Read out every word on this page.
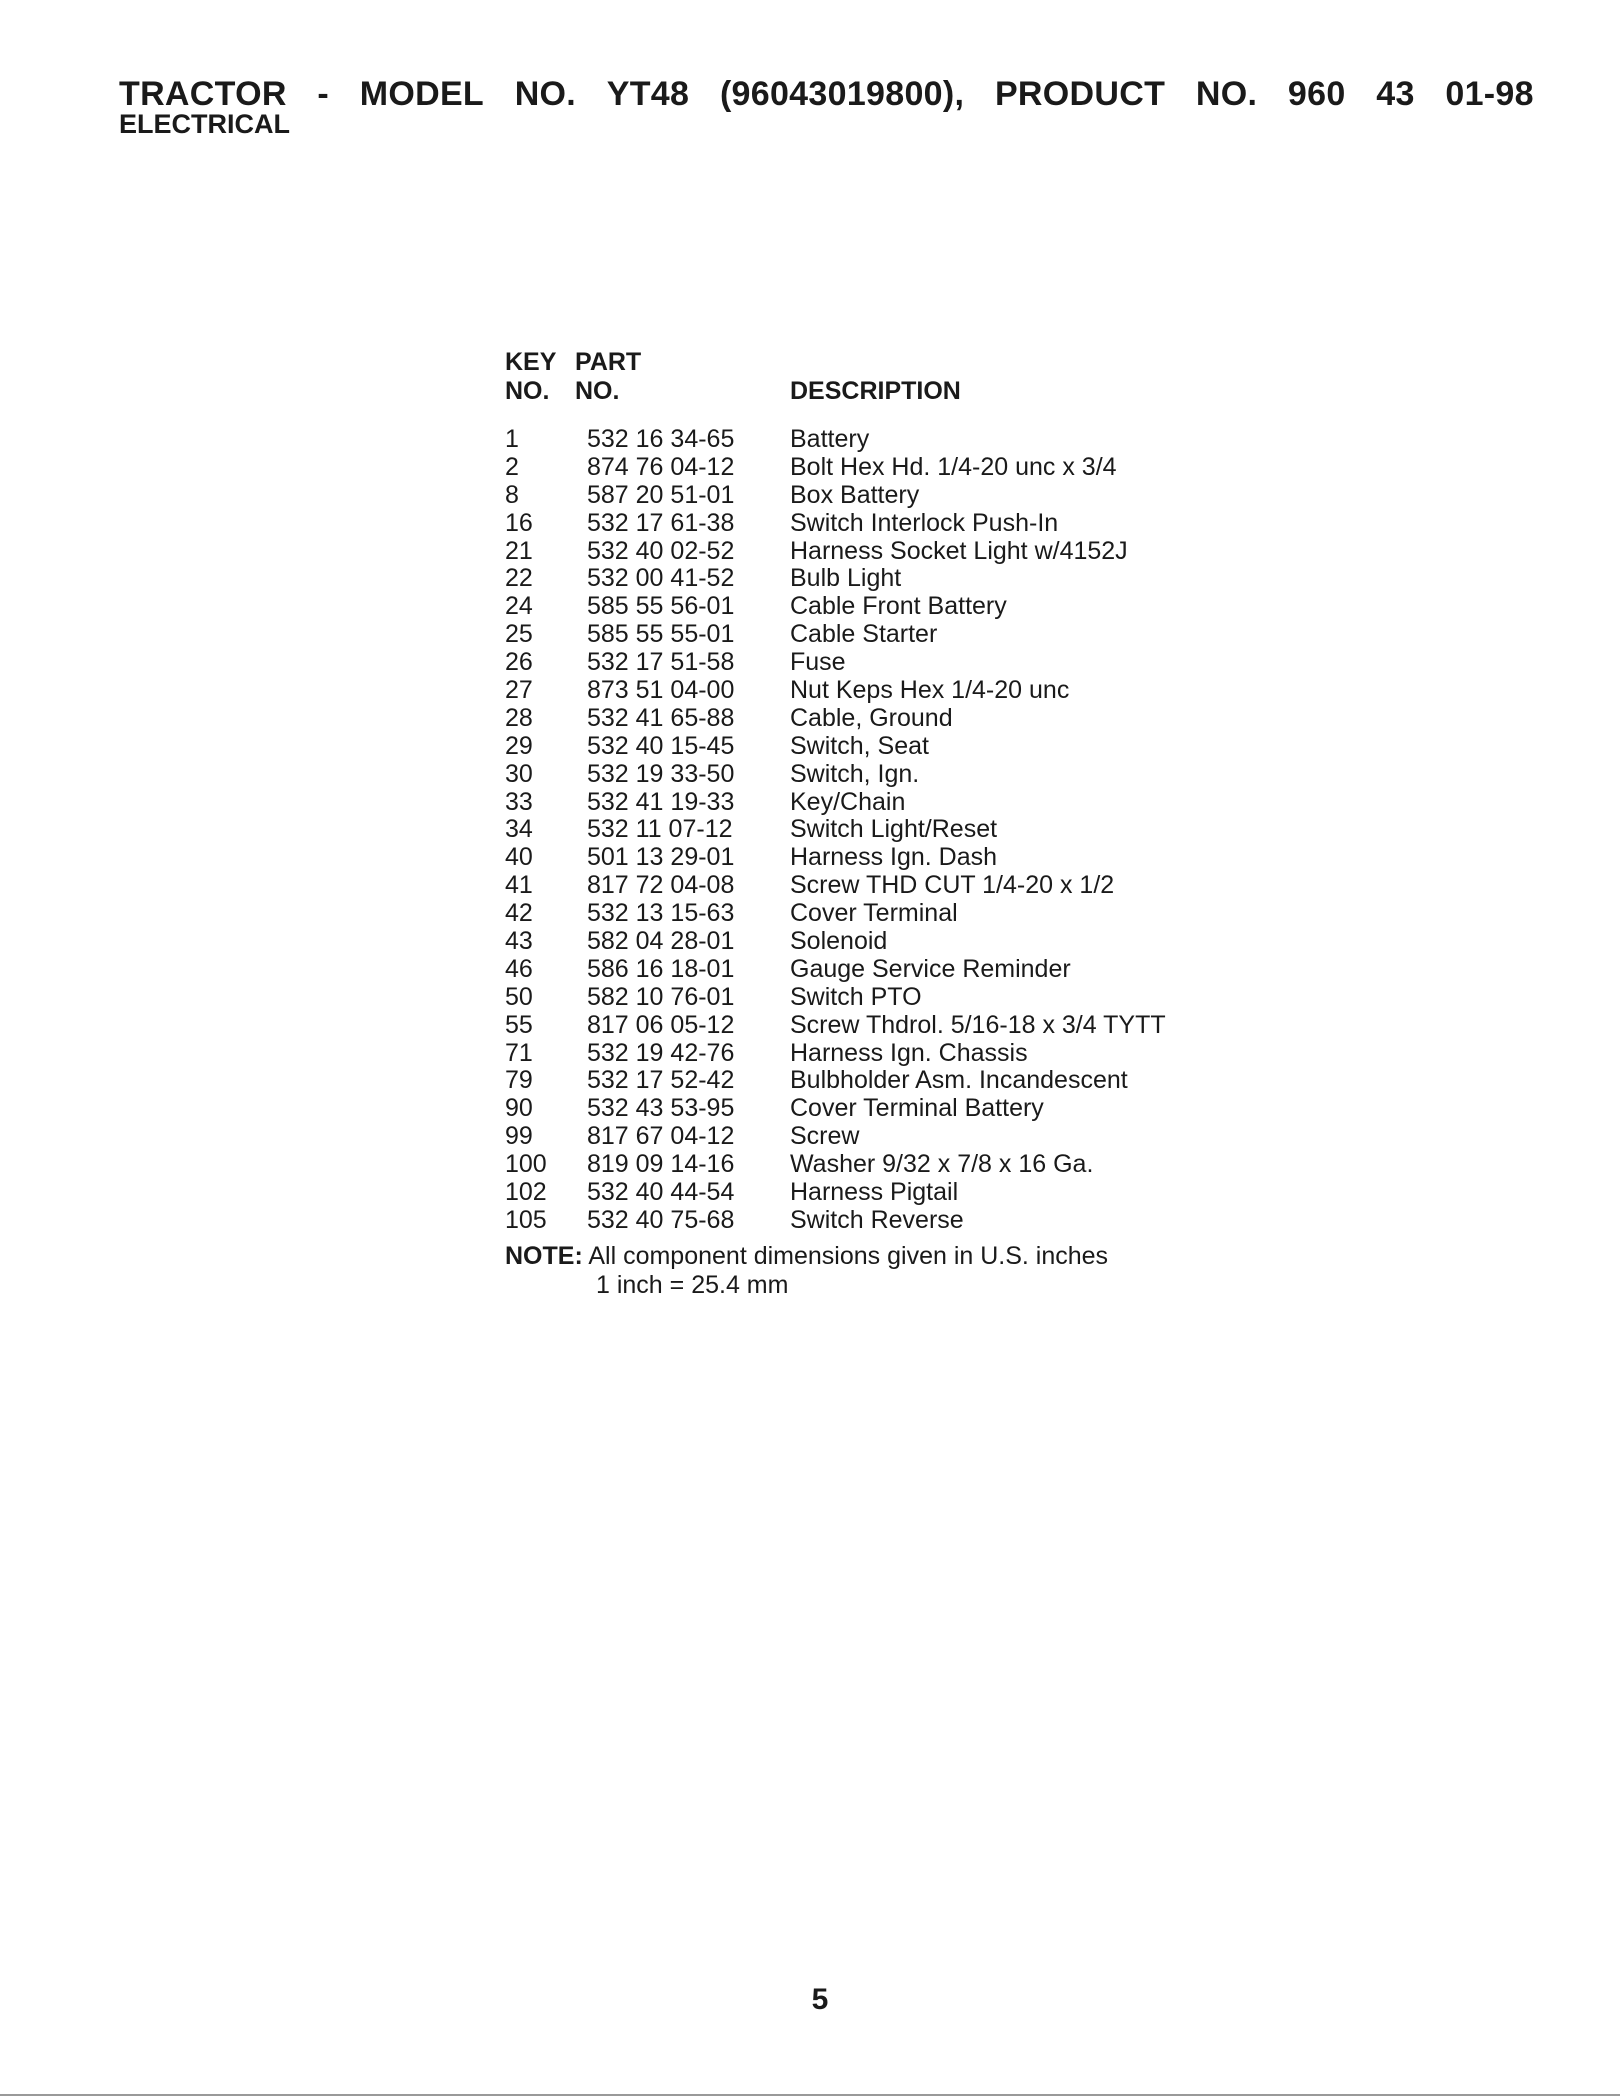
TRACTOR - MODEL NO. YT48 (96043019800), PRODUCT NO. 960 43 01-98
ELECTRICAL
KEY
NO.
PART
NO.	DESCRIPTION
1	532 16 34-65 Battery
2	874 76 04-12 Bolt Hex Hd. 1/4-20 unc x 3/4
8	587 20 51-01 Box Battery
16 532 17 61-38 Switch Interlock Push-In
21 532 40 02-52 Harness Socket Light w/4152J
22 532 00 41-52 Bulb Light
24 585 55 56-01 Cable Front Battery
25 585 55 55-01 Cable Starter
26 532 17 51-58 Fuse
27 873 51 04-00 Nut Keps Hex 1/4-20 unc
28 532 41 65-88 Cable, Ground
29 532 40 15-45 Switch, Seat
30 532 19 33-50 Switch, Ign.
33 532 41 19-33 Key/Chain
34 532 11 07-12 Switch Light/Reset
40 501 13 29-01 Harness Ign. Dash
41 817 72 04-08 Screw THD CUT 1/4-20 x 1/2
42 532 13 15-63 Cover Terminal
43 582 04 28-01 Solenoid
46 586 16 18-01 Gauge Service Reminder
50 582 10 76-01 Switch PTO
55 817 06 05-12 Screw Thdrol. 5/16-18 x 3/4 TYTT
71 532 19 42-76 Harness Ign. Chassis
79 532 17 52-42 Bulbholder Asm. Incandescent
90 532 43 53-95 Cover Terminal Battery
99 817 67 04-12 Screw
100 819 09 14-16 Washer 9/32 x 7/8 x 16 Ga.
102 532 40 44-54 Harness Pigtail
105 532 40 75-68 Switch Reverse
NOTE: All component dimensions given in U.S. inches
1 inch = 25.4 mm
5
